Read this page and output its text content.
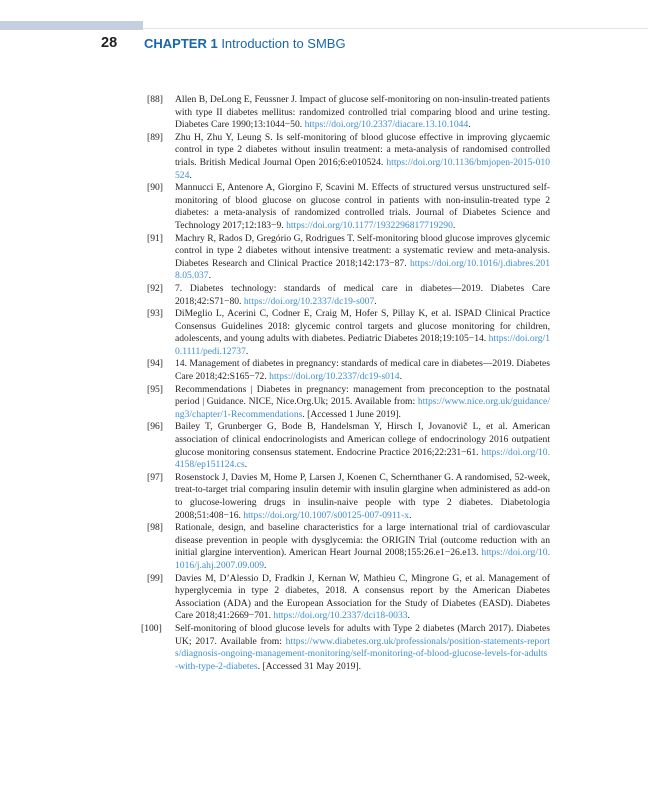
28 CHAPTER 1 Introduction to SMBG
[88] Allen B, DeLong E, Feussner J. Impact of glucose self-monitoring on non-insulin-treated patients with type II diabetes mellitus: randomized controlled trial comparing blood and urine testing. Diabetes Care 1990;13:1044−50. https://doi.org/10.2337/diacare.13.10.1044.
[89] Zhu H, Zhu Y, Leung S. Is self-monitoring of blood glucose effective in improving glycaemic control in type 2 diabetes without insulin treatment: a meta-analysis of randomised controlled trials. British Medical Journal Open 2016;6:e010524. https://doi.org/10.1136/bmjopen-2015-010524.
[90] Mannucci E, Antenore A, Giorgino F, Scavini M. Effects of structured versus unstructured self-monitoring of blood glucose on glucose control in patients with non-insulin-treated type 2 diabetes: a meta-analysis of randomized controlled trials. Journal of Diabetes Science and Technology 2017;12:183−9. https://doi.org/10.1177/1932296817719290.
[91] Machry R, Rados D, Gregório G, Rodrigues T. Self-monitoring blood glucose improves glycemic control in type 2 diabetes without intensive treatment: a systematic review and meta-analysis. Diabetes Research and Clinical Practice 2018;142:173−87. https://doi.org/10.1016/j.diabres.2018.05.037.
[92] 7. Diabetes technology: standards of medical care in diabetes—2019. Diabetes Care 2018;42:S71−80. https://doi.org/10.2337/dc19-s007.
[93] DiMeglio L, Acerini C, Codner E, Craig M, Hofer S, Pillay K, et al. ISPAD Clinical Practice Consensus Guidelines 2018: glycemic control targets and glucose monitoring for children, adolescents, and young adults with diabetes. Pediatric Diabetes 2018;19:105−14. https://doi.org/10.1111/pedi.12737.
[94] 14. Management of diabetes in pregnancy: standards of medical care in diabetes—2019. Diabetes Care 2018;42:S165−72. https://doi.org/10.2337/dc19-s014.
[95] Recommendations | Diabetes in pregnancy: management from preconception to the postnatal period | Guidance. NICE, Nice.Org.Uk; 2015. Available from: https://www.nice.org.uk/guidance/ng3/chapter/1-Recommendations. [Accessed 1 June 2019].
[96] Bailey T, Grunberger G, Bode B, Handelsman Y, Hirsch I, Jovanovič L, et al. American association of clinical endocrinologists and American college of endocrinology 2016 outpatient glucose monitoring consensus statement. Endocrine Practice 2016;22:231−61. https://doi.org/10.4158/ep151124.cs.
[97] Rosenstock J, Davies M, Home P, Larsen J, Koenen C, Schernthaner G. A randomised, 52-week, treat-to-target trial comparing insulin detemir with insulin glargine when administered as add-on to glucose-lowering drugs in insulin-naive people with type 2 diabetes. Diabetologia 2008;51:408−16. https://doi.org/10.1007/s00125-007-0911-x.
[98] Rationale, design, and baseline characteristics for a large international trial of cardiovascular disease prevention in people with dysglycemia: the ORIGIN Trial (outcome reduction with an initial glargine intervention). American Heart Journal 2008;155:26.e1−26.e13. https://doi.org/10.1016/j.ahj.2007.09.009.
[99] Davies M, D’Alessio D, Fradkin J, Kernan W, Mathieu C, Mingrone G, et al. Management of hyperglycemia in type 2 diabetes, 2018. A consensus report by the American Diabetes Association (ADA) and the European Association for the Study of Diabetes (EASD). Diabetes Care 2018;41:2669−701. https://doi.org/10.2337/dci18-0033.
[100] Self-monitoring of blood glucose levels for adults with Type 2 diabetes (March 2017). Diabetes UK; 2017. Available from: https://www.diabetes.org.uk/professionals/position-statements-reports/diagnosis-ongoing-management-monitoring/self-monitoring-of-blood-glucose-levels-for-adults-with-type-2-diabetes. [Accessed 31 May 2019].
